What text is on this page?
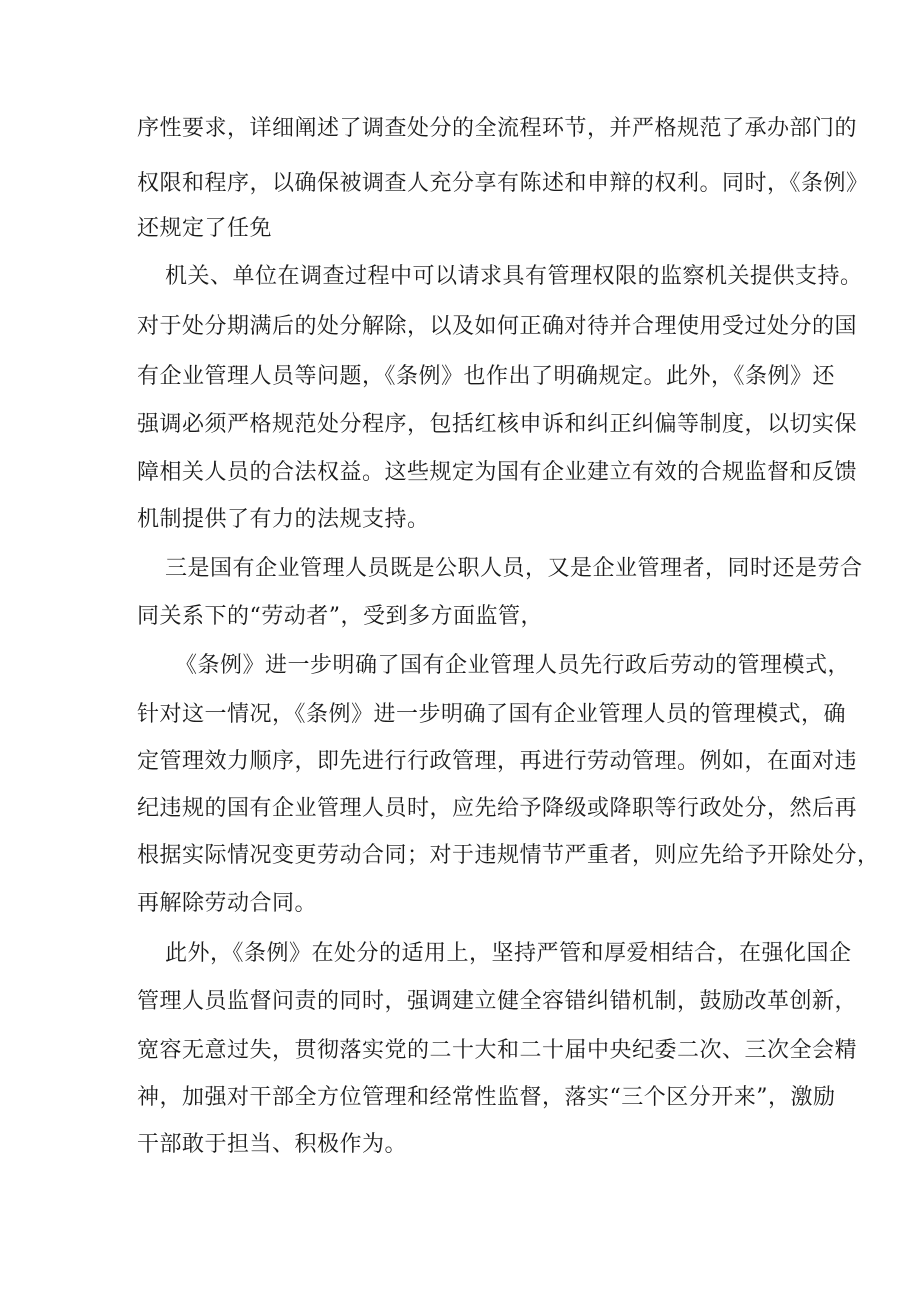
序性要求，详细阐述了调查处分的全流程环节，并严格规范了承办部门的
权限和程序，以确保被调查人充分享有陈述和申辩的权利。同时，《条例》
还规定了任免
机关、单位在调查过程中可以请求具有管理权限的监察机关提供支持。
对于处分期满后的处分解除，以及如何正确对待并合理使用受过处分的国
有企业管理人员等问题，《条例》也作出了明确规定。此外，《条例》还
强调必须严格规范处分程序，包括红核申诉和纠正纠偏等制度，以切实保
障相关人员的合法权益。这些规定为国有企业建立有效的合规监督和反馈
机制提供了有力的法规支持。
三是国有企业管理人员既是公职人员，又是企业管理者，同时还是劳合
同关系下的“劳动者”，受到多方面监管，
《条例》进一步明确了国有企业管理人员先行政后劳动的管理模式，
针对这一情况，《条例》进一步明确了国有企业管理人员的管理模式，确
定管理效力顺序，即先进行行政管理，再进行劳动管理。例如，在面对违
纪违规的国有企业管理人员时，应先给予降级或降职等行政处分，然后再
根据实际情况变更劳动合同；对于违规情节严重者，则应先给予开除处分，
再解除劳动合同。
此外，《条例》在处分的适用上，坚持严管和厚爱相结合，在强化国企
管理人员监督问责的同时，强调建立健全容错纠错机制，鼓励改革创新，
宽容无意过失，贯彻落实党的二十大和二十届中央纪委二次、三次全会精
神，加强对干部全方位管理和经常性监督，落实“三个区分开来”，激励
干部敢于担当、积极作为。
